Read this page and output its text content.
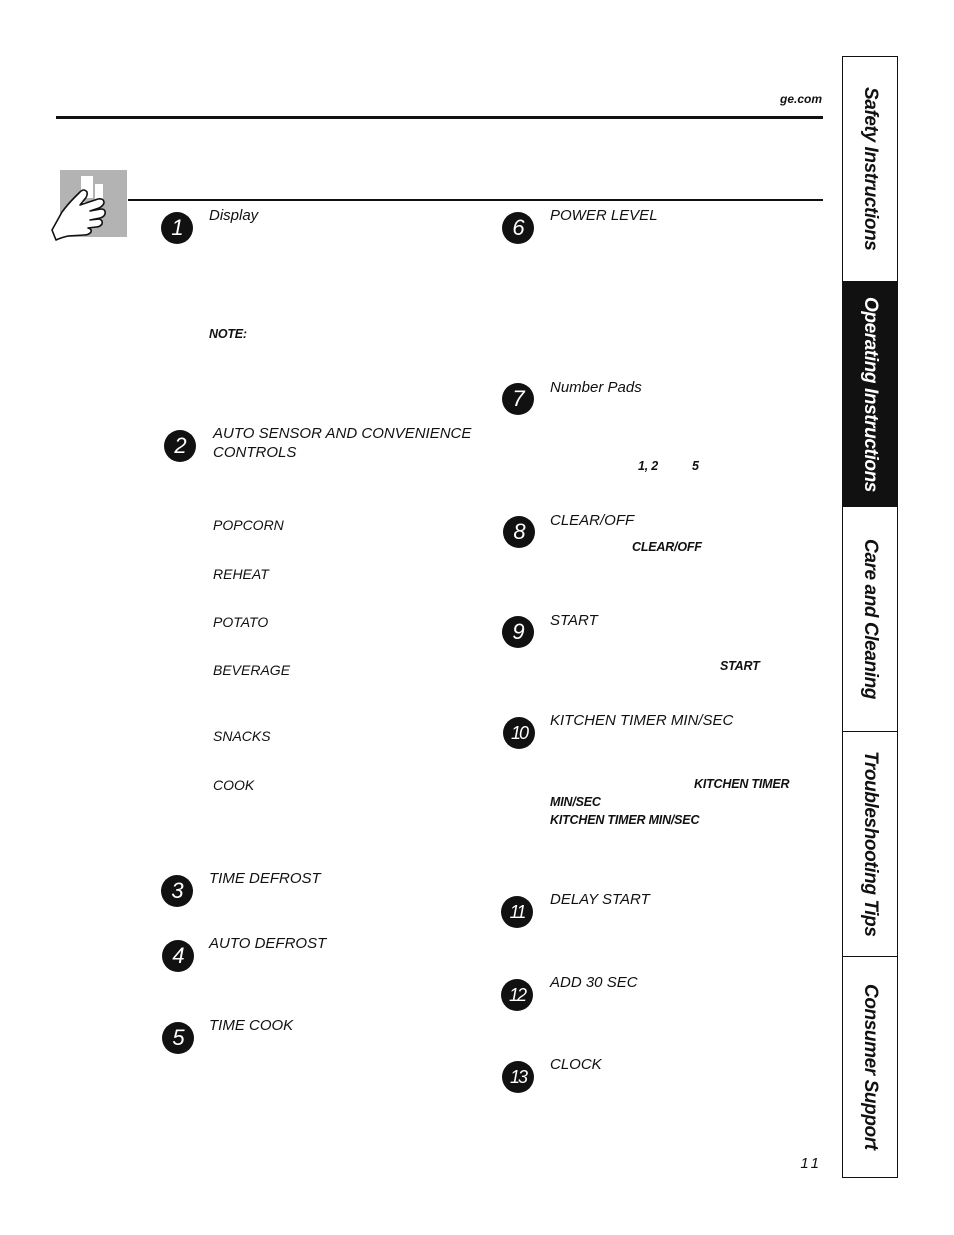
ge.com
1	Display
NOTE:
2	AUTO SENSOR AND CONVENIENCE
CONTROLS
POPCORN
REHEAT
POTATO
BEVERAGE
SNACKS
COOK
3	TIME DEFROST
4	AUTO DEFROST
5	TIME COOK
6	POWER LEVEL
7	Number Pads
1, 2	5
8	CLEAR/OFF
CLEAR/OFF
9	START
START
10
KITCHEN TIMER MIN/SEC
KITCHEN TIMER
MIN/SEC
KITCHEN TIMER MIN/SEC
11
DELAY START
12
ADD 30 SEC
13
CLOCK
Safety Instructions
Operating Instructions
Care and Cleaning
Troubleshooting Tips
Consumer Support
11
